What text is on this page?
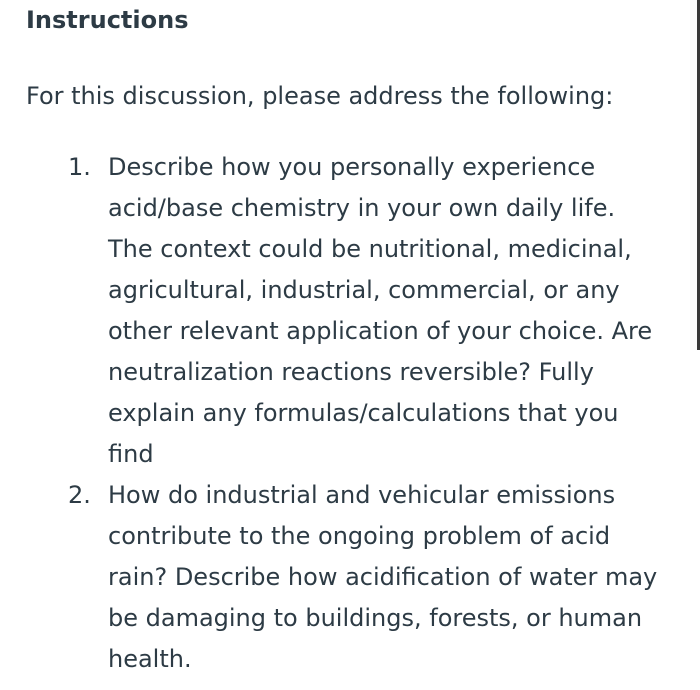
Instructions
For this discussion, please address the following:
1. Describe how you personally experience acid/base chemistry in your own daily life. The context could be nutritional, medicinal, agricultural, industrial, commercial, or any other relevant application of your choice. Are neutralization reactions reversible? Fully explain any formulas/calculations that you find
2. How do industrial and vehicular emissions contribute to the ongoing problem of acid rain? Describe how acidification of water may be damaging to buildings, forests, or human health.
